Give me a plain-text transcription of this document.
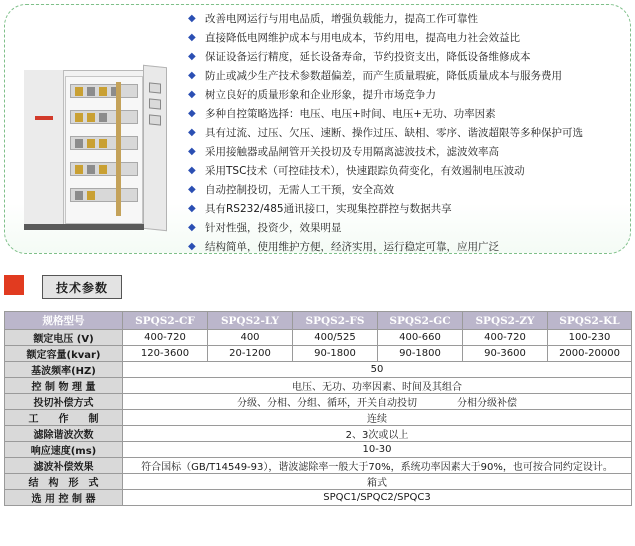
◆ 改善电网运行与用电品质，增强负载能力，提高工作可靠性
◆ 直接降低电网维护成本与用电成本，节约用电，提高电力社会效益比
◆ 保证设备运行精度，延长设备寿命，节约投资支出，降低设备维修成本
◆ 防止或减少生产技术参数超偏差，而产生质量瑕疵，降低质量成本与服务费用
◆ 树立良好的质量形象和企业形象，提升市场竞争力
◆ 多种自控策略选择：电压、电压+时间、电压+无功、功率因素
◆ 具有过流、过压、欠压、速断、操作过压、缺相、零序、谐波超限等多种保护可选
◆ 采用接触器或晶闸管开关投切及专用隔离滤波技术，滤波效率高
◆ 采用TSC技术（可控硅技术），快速跟踪负荷变化，有效遏制电压波动
◆ 自动控制投切，无需人工干预，安全高效
◆ 具有RS232/485通讯接口，实现集控群控与数据共享
◆ 针对性强，投资少，效果明显
◆ 结构简单，使用维护方便，经济实用，运行稳定可靠，应用广泛
技术参数
规格型号	SPQS2-CF	SPQS2-LY	SPQS2-FS	SPQS2-GC	SPQS2-ZY	SPQS2-KL
额定电压 (V)	400-720	400	400/525	400-660	400-720	100-230
额定容量(kvar)	120-3600	20-1200	90-1800	90-1800	90-3600	2000-20000
基波频率(HZ)	50					
控 制 物 理 量	电压、无功、功率因素、时间及其组合					
投切补偿方式	分级、分相、分组、循环，开关自动投切　　　　分相分级补偿					
工　　作　　制	连续					
滤除谐波次数	2、3次或以上					
响应速度(ms)	10-30					
滤波补偿效果	符合国标（GB/T14549-93），谐波滤除率一般大于70%，系统功率因素大于90%，也可按合同约定设计。					
结　构　形　式	箱式					
选 用 控 制 器	SPQC1/SPQC2/SPQC3					
